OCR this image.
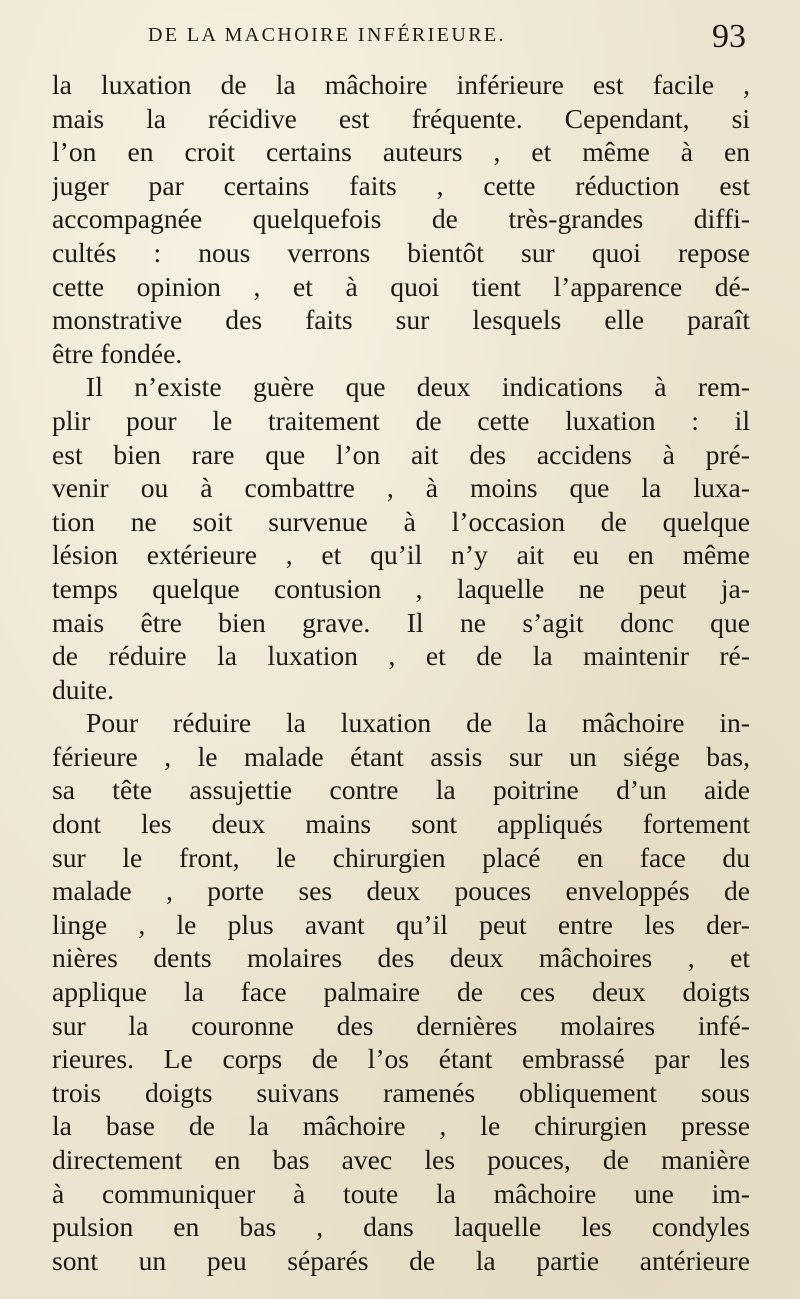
DE LA MACHOIRE INFÉRIEURE.	93
la luxation de la mâchoire inférieure est facile ,
mais la récidive est fréquente. Cependant, si
l’on en croit certains auteurs , et même à en
juger par certains faits , cette réduction est
accompagnée quelquefois de très-grandes diffi-
cultés : nous verrons bientôt sur quoi repose
cette opinion , et à quoi tient l’apparence dé-
monstrative des faits sur lesquels elle paraît
être fondée.
Il n’existe guère que deux indications à rem-
plir pour le traitement de cette luxation : il
est bien rare que l’on ait des accidens à pré-
venir ou à combattre , à moins que la luxa-
tion ne soit survenue à l’occasion de quelque
lésion extérieure , et qu’il n’y ait eu en même
temps quelque contusion , laquelle ne peut ja-
mais être bien grave. Il ne s’agit donc que
de réduire la luxation , et de la maintenir ré-
duite.
Pour réduire la luxation de la mâchoire in-
férieure , le malade étant assis sur un siége bas,
sa tête assujettie contre la poitrine d’un aide
dont les deux mains sont appliqués fortement
sur le front, le chirurgien placé en face du
malade , porte ses deux pouces enveloppés de
linge , le plus avant qu’il peut entre les der-
nières dents molaires des deux mâchoires , et
applique la face palmaire de ces deux doigts
sur la couronne des dernières molaires infé-
rieures. Le corps de l’os étant embrassé par les
trois doigts suivans ramenés obliquement sous
la base de la mâchoire , le chirurgien presse
directement en bas avec les pouces, de manière
à communiquer à toute la mâchoire une im-
pulsion en bas , dans laquelle les condyles
sont un peu séparés de la partie antérieure
